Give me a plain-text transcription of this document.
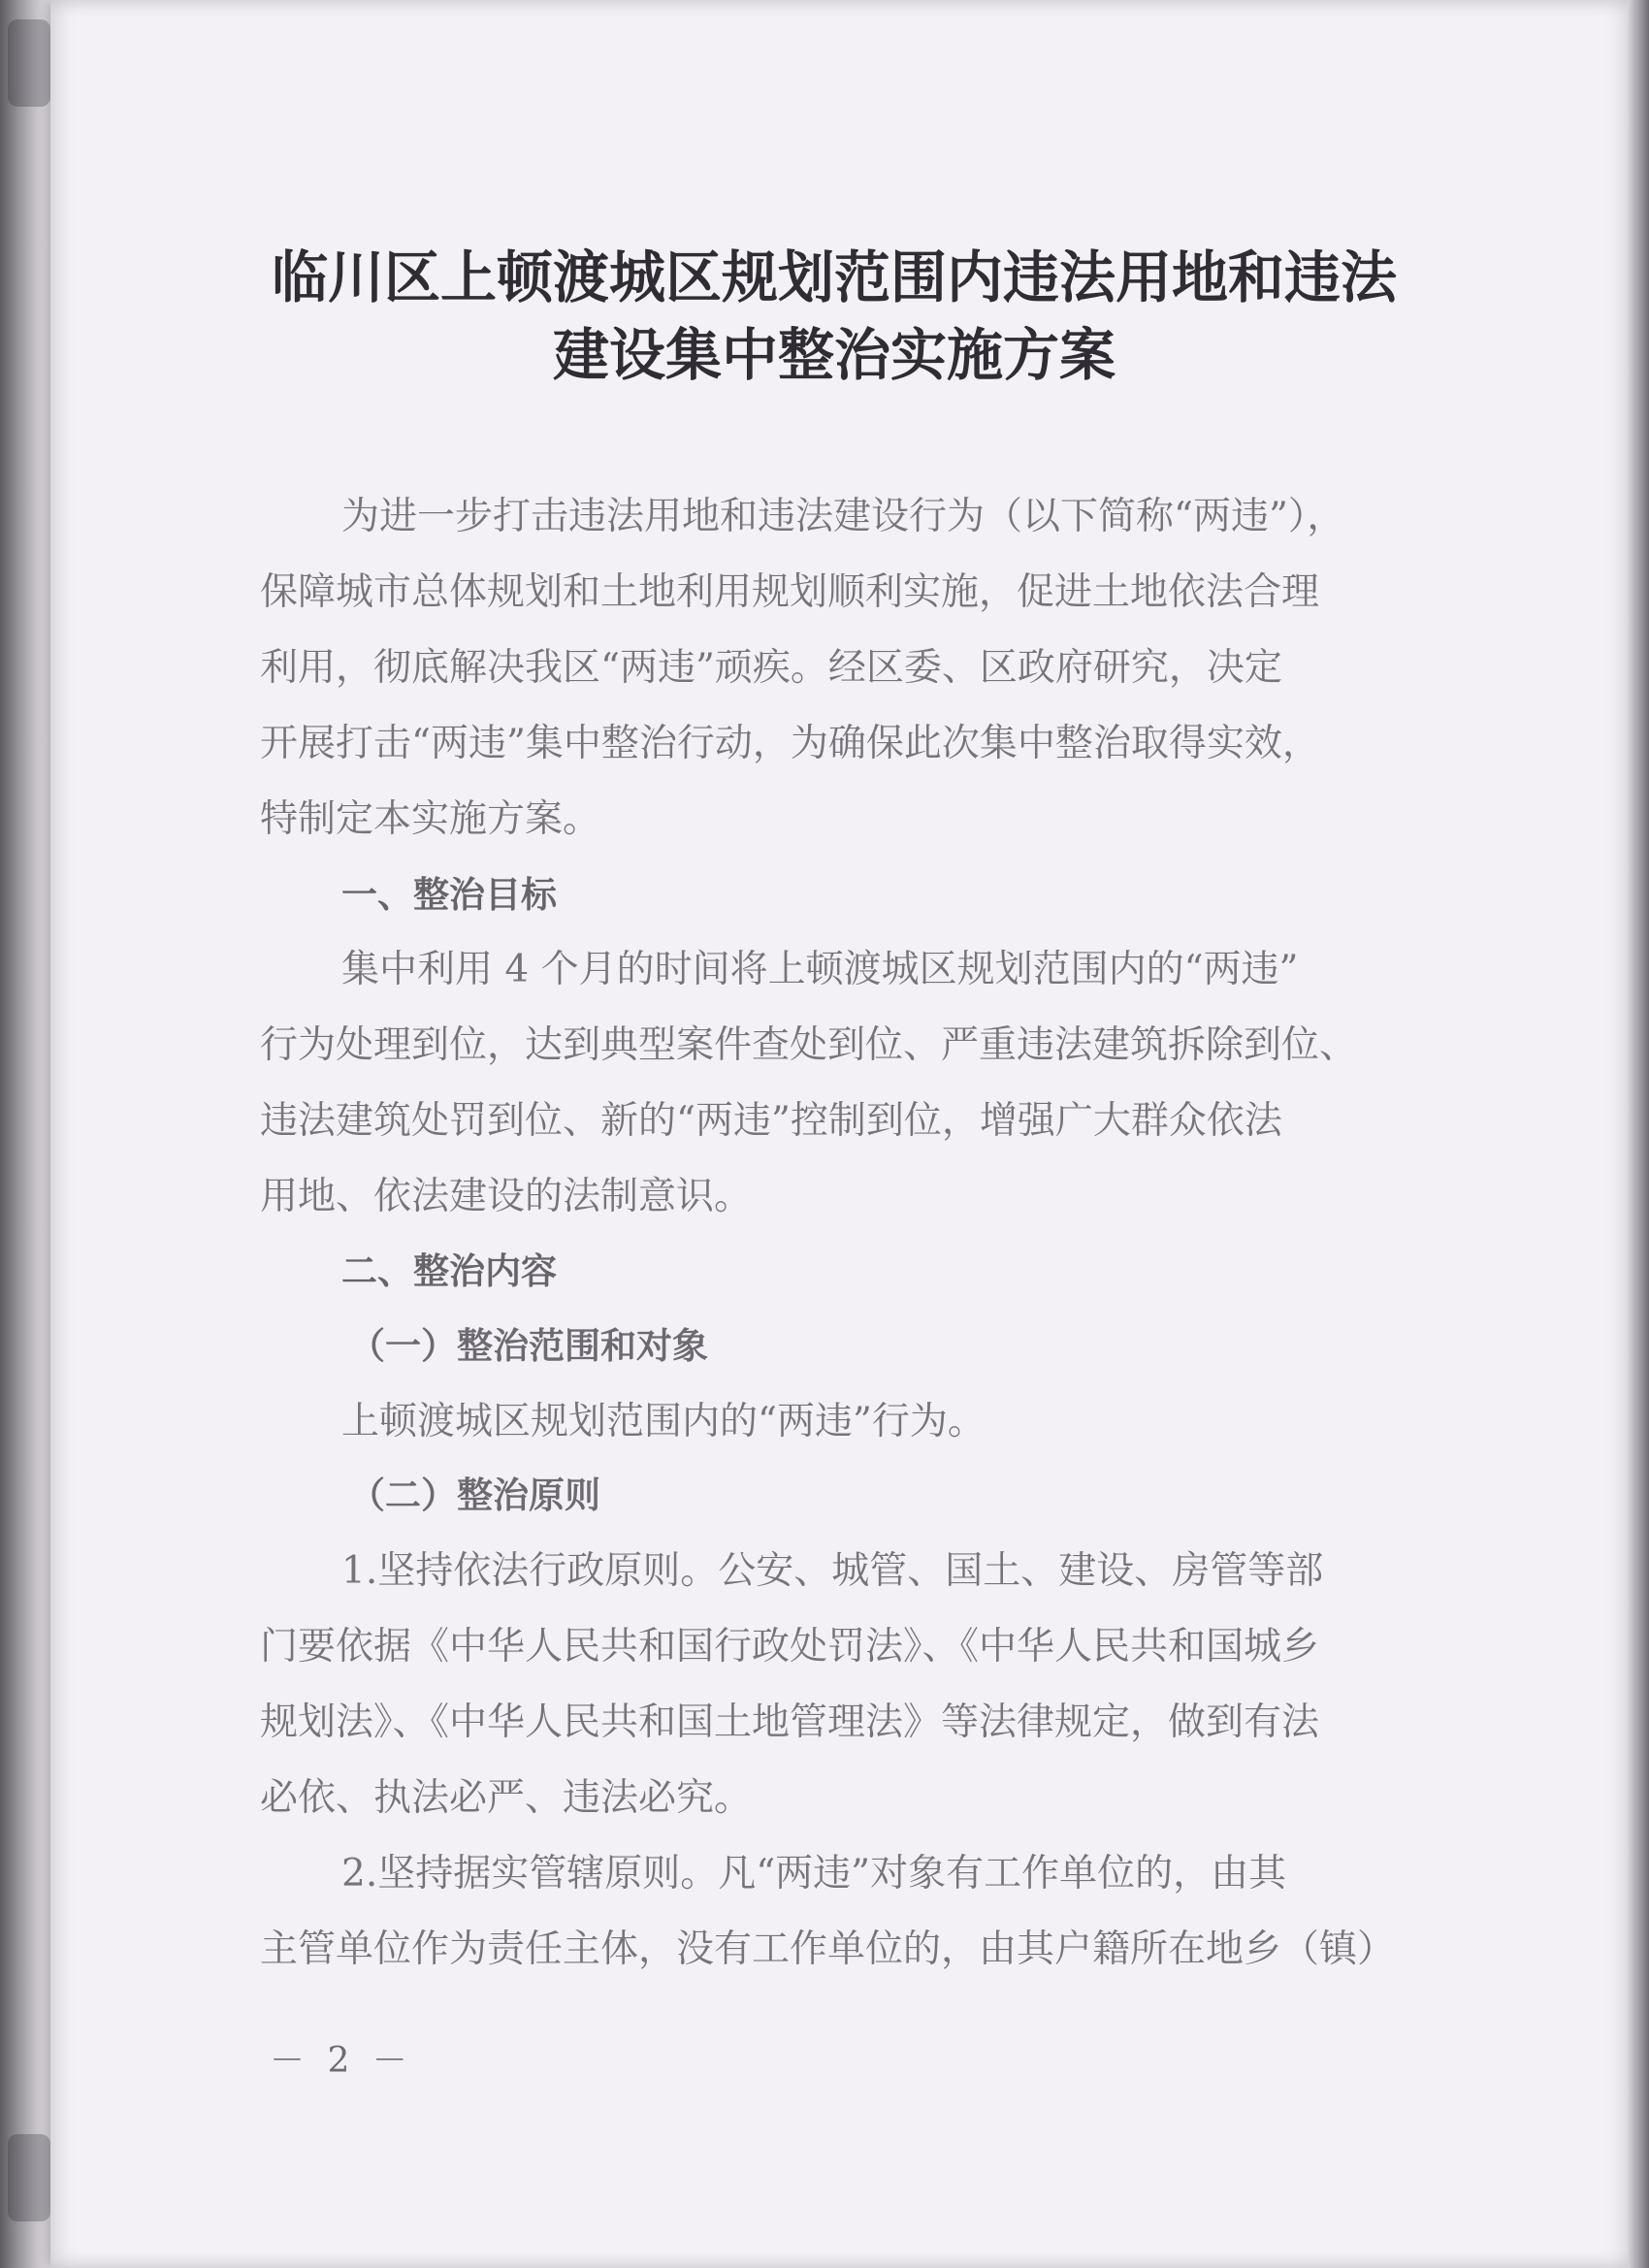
临川区上顿渡城区规划范围内违法用地和违法
建设集中整治实施方案
为进一步打击违法用地和违法建设行为（以下简称“两违”），
保障城市总体规划和土地利用规划顺利实施，促进土地依法合理
利用，彻底解决我区“两违”顽疾。经区委、区政府研究，决定
开展打击“两违”集中整治行动，为确保此次集中整治取得实效，
特制定本实施方案。
一、整治目标
集中利用 4 个月的时间将上顿渡城区规划范围内的“两违”
行为处理到位，达到典型案件查处到位、严重违法建筑拆除到位、
违法建筑处罚到位、新的“两违”控制到位，增强广大群众依法
用地、依法建设的法制意识。
二、整治内容
（一）整治范围和对象
上顿渡城区规划范围内的“两违”行为。
（二）整治原则
1.坚持依法行政原则。公安、城管、国土、建设、房管等部
门要依据《中华人民共和国行政处罚法》、《中华人民共和国城乡
规划法》、《中华人民共和国土地管理法》等法律规定，做到有法
必依、执法必严、违法必究。
2.坚持据实管辖原则。凡“两违”对象有工作单位的，由其
主管单位作为责任主体，没有工作单位的，由其户籍所在地乡（镇）
－ 2 －
